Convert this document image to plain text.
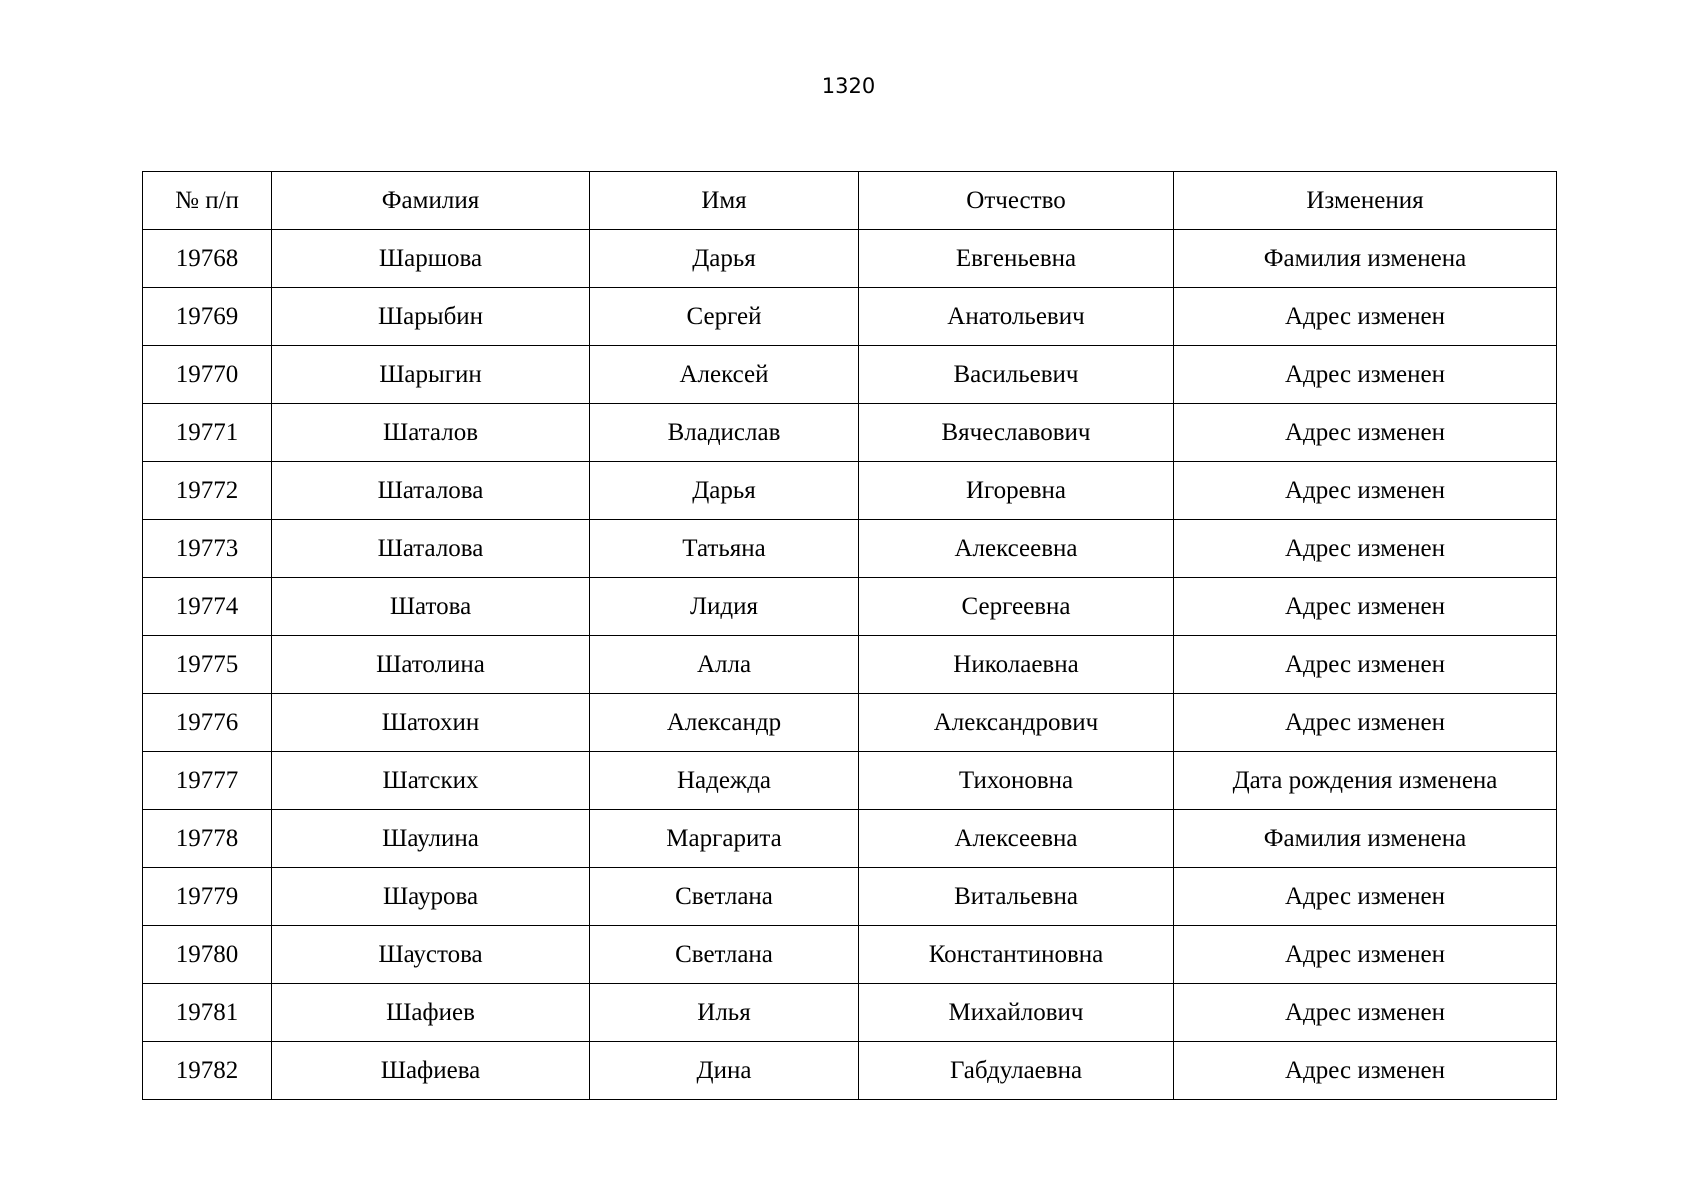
1320
№ п/п	Фамилия	Имя	Отчество	Изменения
19768	Шаршова	Дарья	Евгеньевна	Фамилия изменена
19769	Шарыбин	Сергей	Анатольевич	Адрес изменен
19770	Шарыгин	Алексей	Васильевич	Адрес изменен
19771	Шаталов	Владислав	Вячеславович	Адрес изменен
19772	Шаталова	Дарья	Игоревна	Адрес изменен
19773	Шаталова	Татьяна	Алексеевна	Адрес изменен
19774	Шатова	Лидия	Сергеевна	Адрес изменен
19775	Шатолина	Алла	Николаевна	Адрес изменен
19776	Шатохин	Александр	Александрович	Адрес изменен
19777	Шатских	Надежда	Тихоновна	Дата рождения изменена
19778	Шаулина	Маргарита	Алексеевна	Фамилия изменена
19779	Шаурова	Светлана	Витальевна	Адрес изменен
19780	Шаустова	Светлана	Константиновна	Адрес изменен
19781	Шафиев	Илья	Михайлович	Адрес изменен
19782	Шафиева	Дина	Габдулаевна	Адрес изменен
